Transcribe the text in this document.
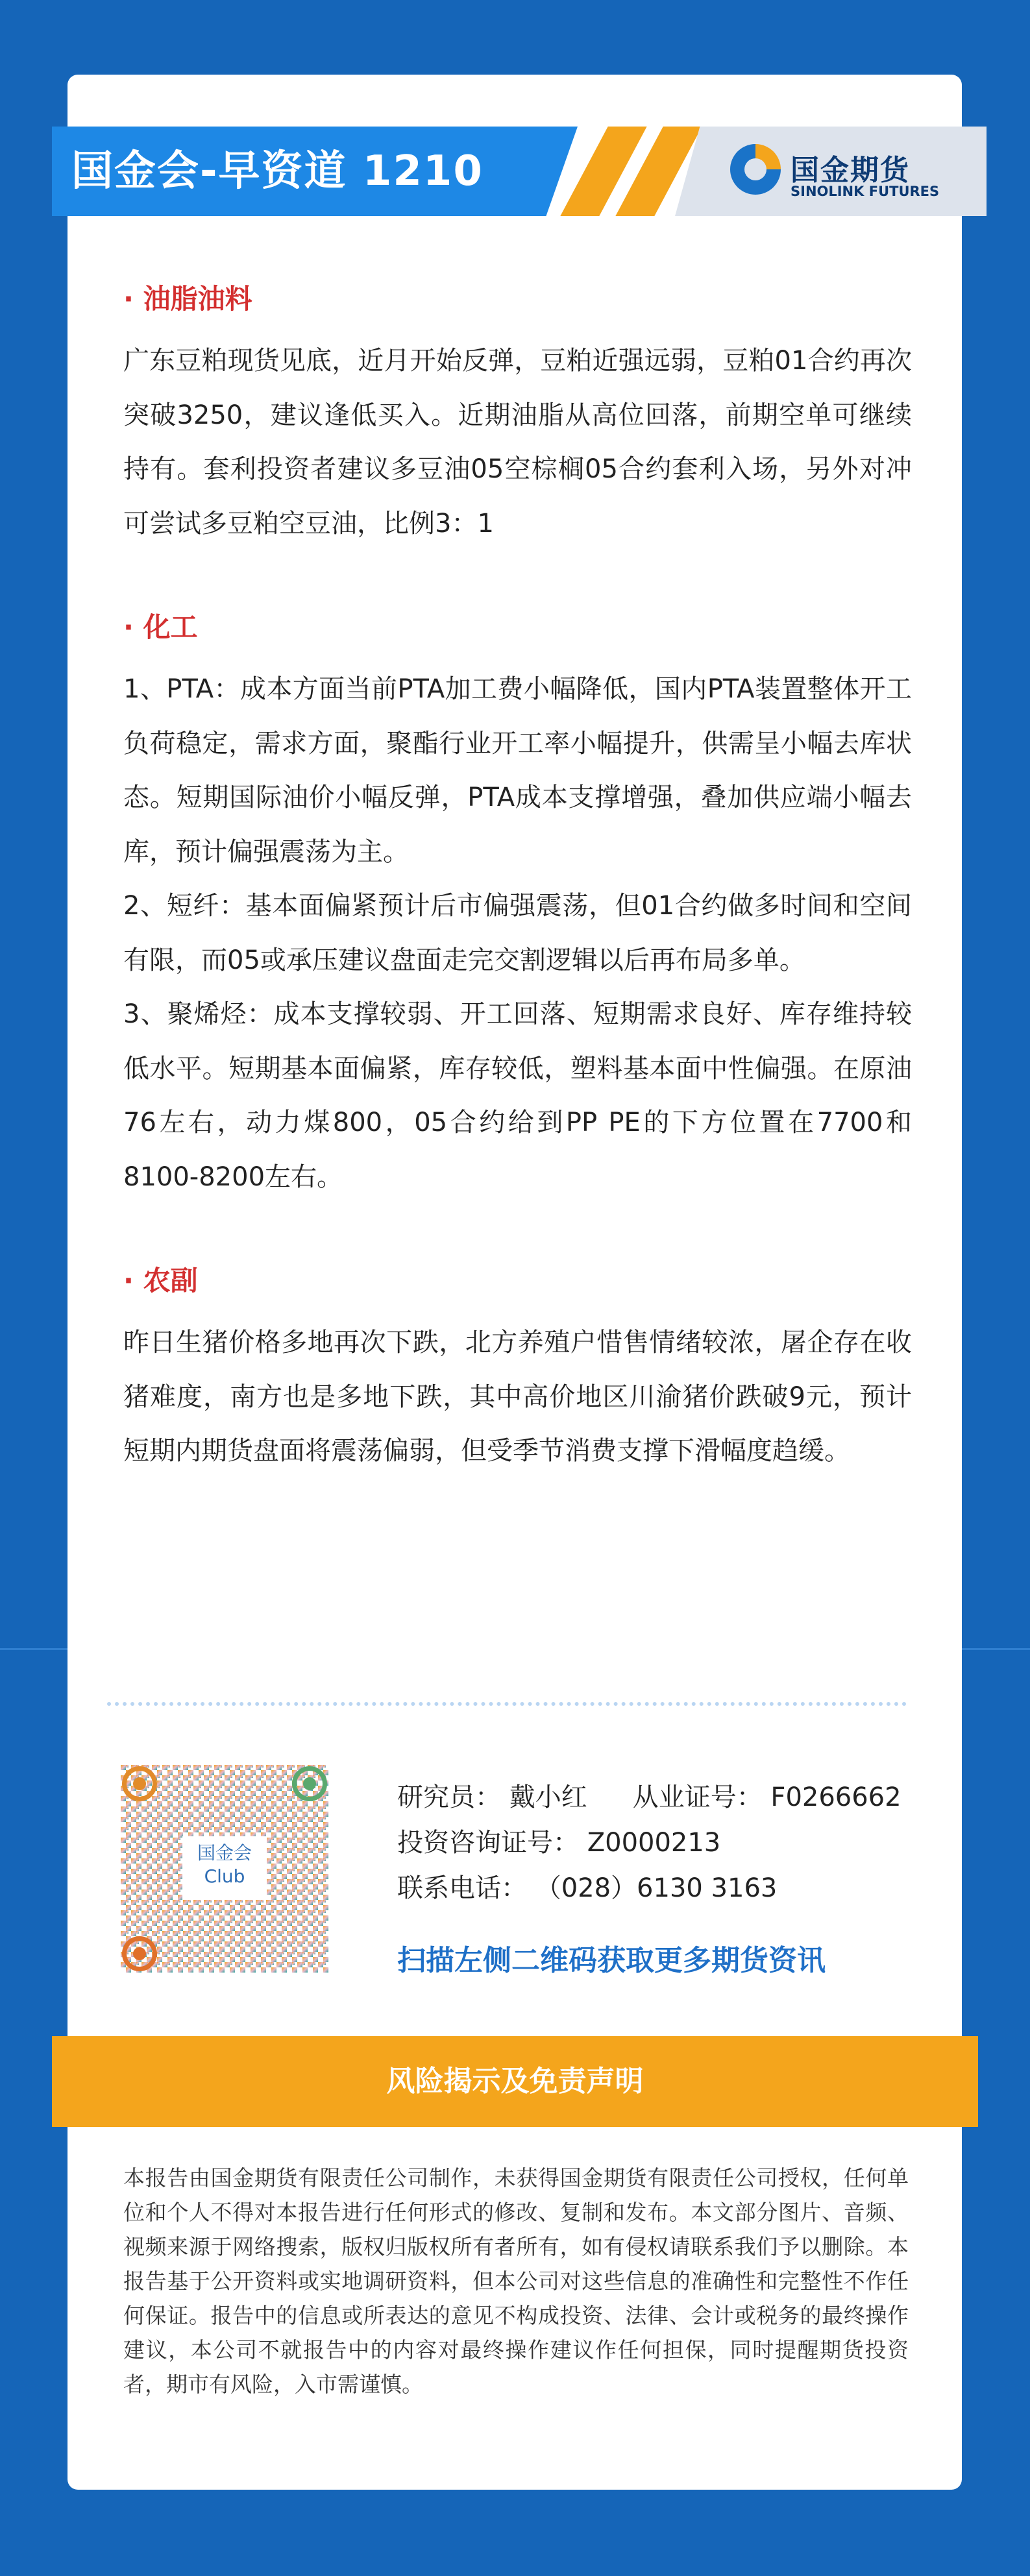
国金会-早资道 1210	国金期货
SINOLINK FUTURES
· 油脂油料

广东豆粕现货见底，近月开始反弹，豆粕近强远弱，豆粕01合约再次突破3250，建议逢低买入。近期油脂从高位回落，前期空单可继续持有。套利投资者建议多豆油05空棕榈05合约套利入场，另外对冲可尝试多豆粕空豆油，比例3：1

· 化工

1、PTA：成本方面当前PTA加工费小幅降低，国内PTA装置整体开工负荷稳定，需求方面，聚酯行业开工率小幅提升，供需呈小幅去库状态。短期国际油价小幅反弹，PTA成本支撑增强，叠加供应端小幅去库，预计偏强震荡为主。

2、短纤：基本面偏紧预计后市偏强震荡，但01合约做多时间和空间有限，而05或承压建议盘面走完交割逻辑以后再布局多单。

3、聚烯烃：成本支撑较弱、开工回落、短期需求良好、库存维持较低水平。短期基本面偏紧，库存较低，塑料基本面中性偏强。在原油76左右，动力煤800，05合约给到PP PE的下方位置在7700和8100-8200左右。

· 农副

昨日生猪价格多地再次下跌，北方养殖户惜售情绪较浓，屠企存在收猪难度，南方也是多地下跌，其中高价地区川渝猪价跌破9元，预计短期内期货盘面将震荡偏弱，但受季节消费支撑下滑幅度趋缓。

国金会
Club
研究员： 戴小红 从业证号： F0266662
投资咨询证号： Z0000213
联系电话： （028）6130 3163
扫描左侧二维码获取更多期货资讯
风险揭示及免责声明
本报告由国金期货有限责任公司制作，未获得国金期货有限责任公司授权，任何单位和个人不得对本报告进行任何形式的修改、复制和发布。本文部分图片、音频、视频来源于网络搜索，版权归版权所有者所有，如有侵权请联系我们予以删除。本报告基于公开资料或实地调研资料，但本公司对这些信息的准确性和完整性不作任何保证。报告中的信息或所表达的意见不构成投资、法律、会计或税务的最终操作建议，本公司不就报告中的内容对最终操作建议作任何担保，同时提醒期货投资者，期市有风险，入市需谨慎。
